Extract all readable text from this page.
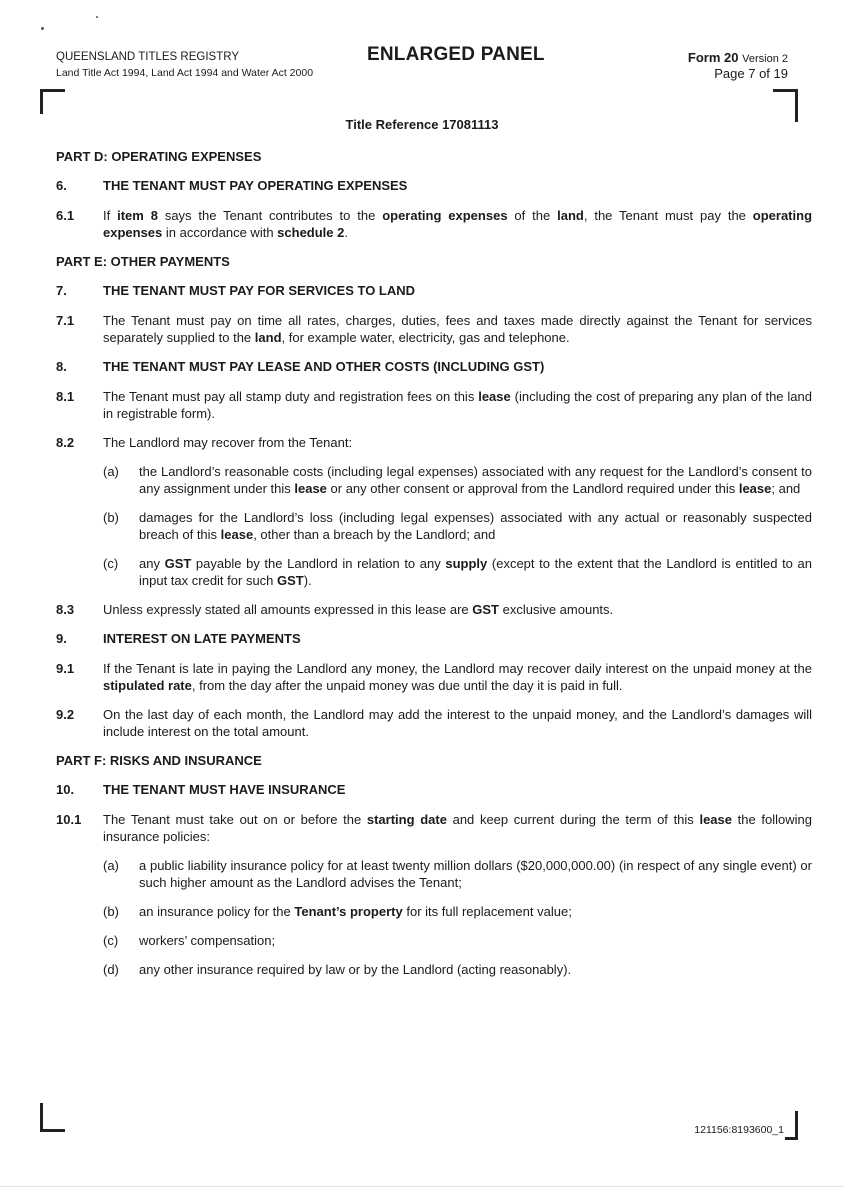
QUEENSLAND TITLES REGISTRY
Land Title Act 1994, Land Act 1994 and Water Act 2000
ENLARGED PANEL	Form 20 Version 2
Page 7 of 19
Title Reference 17081113
PART D: OPERATING EXPENSES
6.	THE TENANT MUST PAY OPERATING EXPENSES
6.1	If item 8 says the Tenant contributes to the operating expenses of the land, the Tenant must pay the operating expenses in accordance with schedule 2.
PART E: OTHER PAYMENTS
7.	THE TENANT MUST PAY FOR SERVICES TO LAND
7.1	The Tenant must pay on time all rates, charges, duties, fees and taxes made directly against the Tenant for services separately supplied to the land, for example water, electricity, gas and telephone.
8.	THE TENANT MUST PAY LEASE AND OTHER COSTS (INCLUDING GST)
8.1	The Tenant must pay all stamp duty and registration fees on this lease (including the cost of preparing any plan of the land in registrable form).
8.2	The Landlord may recover from the Tenant:
(a)	the Landlord’s reasonable costs (including legal expenses) associated with any request for the Landlord’s consent to any assignment under this lease or any other consent or approval from the Landlord required under this lease; and
(b)	damages for the Landlord’s loss (including legal expenses) associated with any actual or reasonably suspected breach of this lease, other than a breach by the Landlord; and
(c)	any GST payable by the Landlord in relation to any supply (except to the extent that the Landlord is entitled to an input tax credit for such GST).
8.3	Unless expressly stated all amounts expressed in this lease are GST exclusive amounts.
9.	INTEREST ON LATE PAYMENTS
9.1	If the Tenant is late in paying the Landlord any money, the Landlord may recover daily interest on the unpaid money at the stipulated rate, from the day after the unpaid money was due until the day it is paid in full.
9.2	On the last day of each month, the Landlord may add the interest to the unpaid money, and the Landlord’s damages will include interest on the total amount.
PART F: RISKS AND INSURANCE
10.	THE TENANT MUST HAVE INSURANCE
10.1	The Tenant must take out on or before the starting date and keep current during the term of this lease the following insurance policies:
(a)	a public liability insurance policy for at least twenty million dollars ($20,000,000.00) (in respect of any single event) or such higher amount as the Landlord advises the Tenant;
(b)	an insurance policy for the Tenant’s property for its full replacement value;
(c)	workers’ compensation;
(d)	any other insurance required by law or by the Landlord (acting reasonably).
121156:8193600_1
